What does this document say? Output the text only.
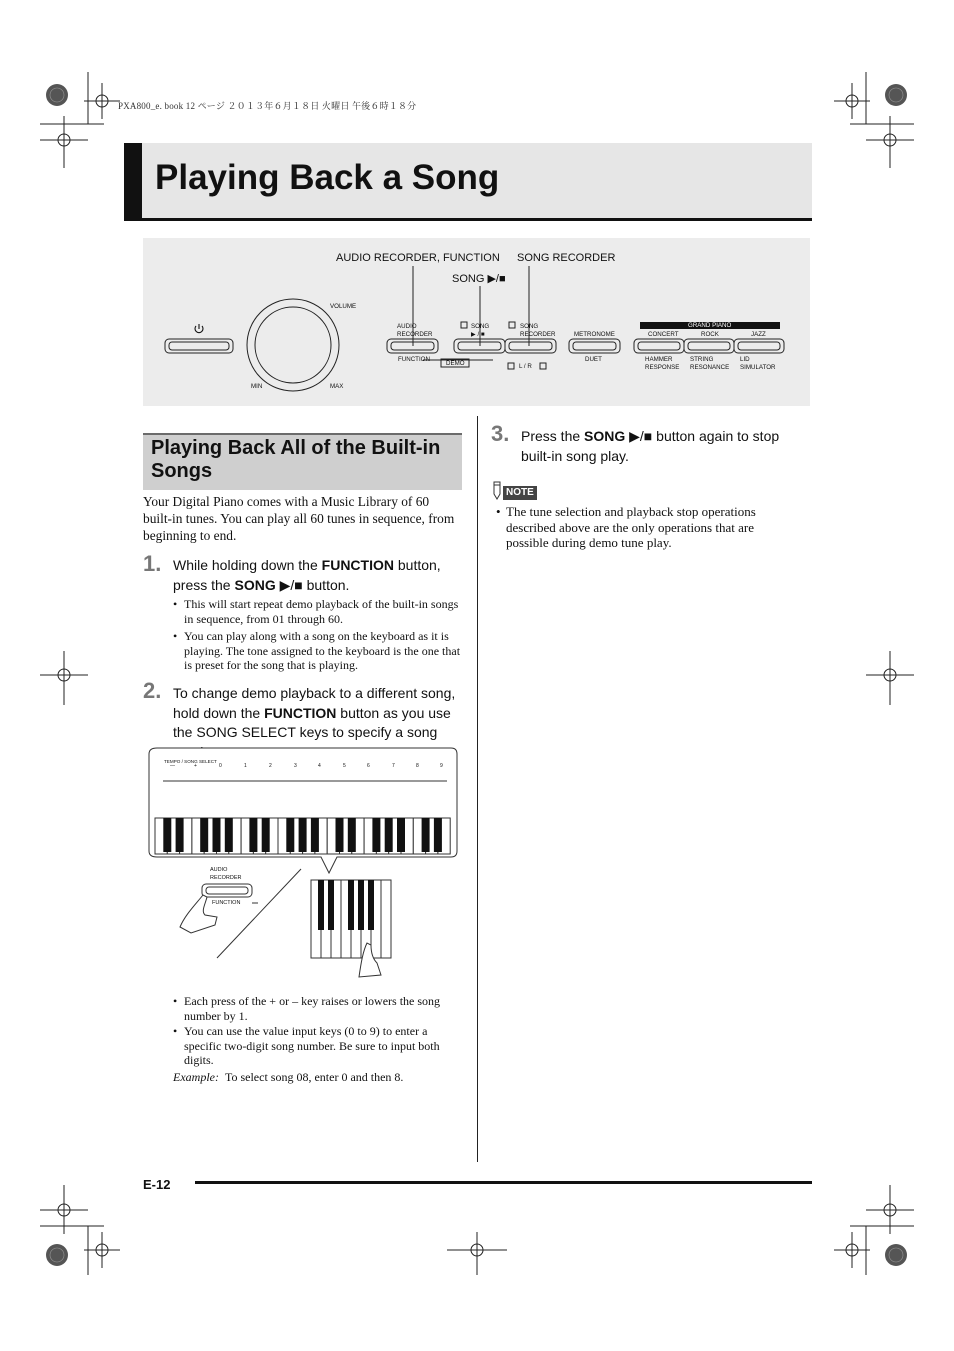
PXA800_e. book 12 ページ ２０１３年６月１８日 火曜日 午後６時１８分
Playing Back a Song
AUDIO RECORDER, FUNCTION
SONG ▶/■
SONG RECORDER
VOLUME
MIN	MAX
AUDIO
RECORDER
FUNCTION
DEMO
SONG
▶ / ■
SONG
RECORDER
L / R
METRONOME
DUET
GRAND PIANO
CONCERT	ROCK	JAZZ
HAMMER
RESPONSE
STRING
RESONANCE
LID
SIMULATOR
Playing Back All of the Built-in Songs
Your Digital Piano comes with a Music Library of 60 built-in tunes. You can play all 60 tunes in sequence, from beginning to end.
1. While holding down the FUNCTION button, press the SONG ▶/■ button.
• This will start repeat demo playback of the built-in songs in sequence, from 01 through 60.
• You can play along with a song on the keyboard as it is playing. The tone assigned to the keyboard is the one that is preset for the song that is playing.
2. To change demo playback to a different song, hold down the FUNCTION button as you use the SONG SELECT keys to specify a song
TEMPO / SONG SELECT
—	+	0	1	2	3	4	5	6	7	8	9
AUDIO
RECORDER
FUNCTION
• Each press of the + or – key raises or lowers the song number by 1.
• You can use the value input keys (0 to 9) to enter a specific two-digit song number. Be sure to input both digits.
Example: To select song 08, enter 0 and then 8.
3. Press the SONG ▶/■ button again to stop built-in song play.
NOTE
• The tune selection and playback stop operations described above are the only operations that are possible during demo tune play.
E-12
